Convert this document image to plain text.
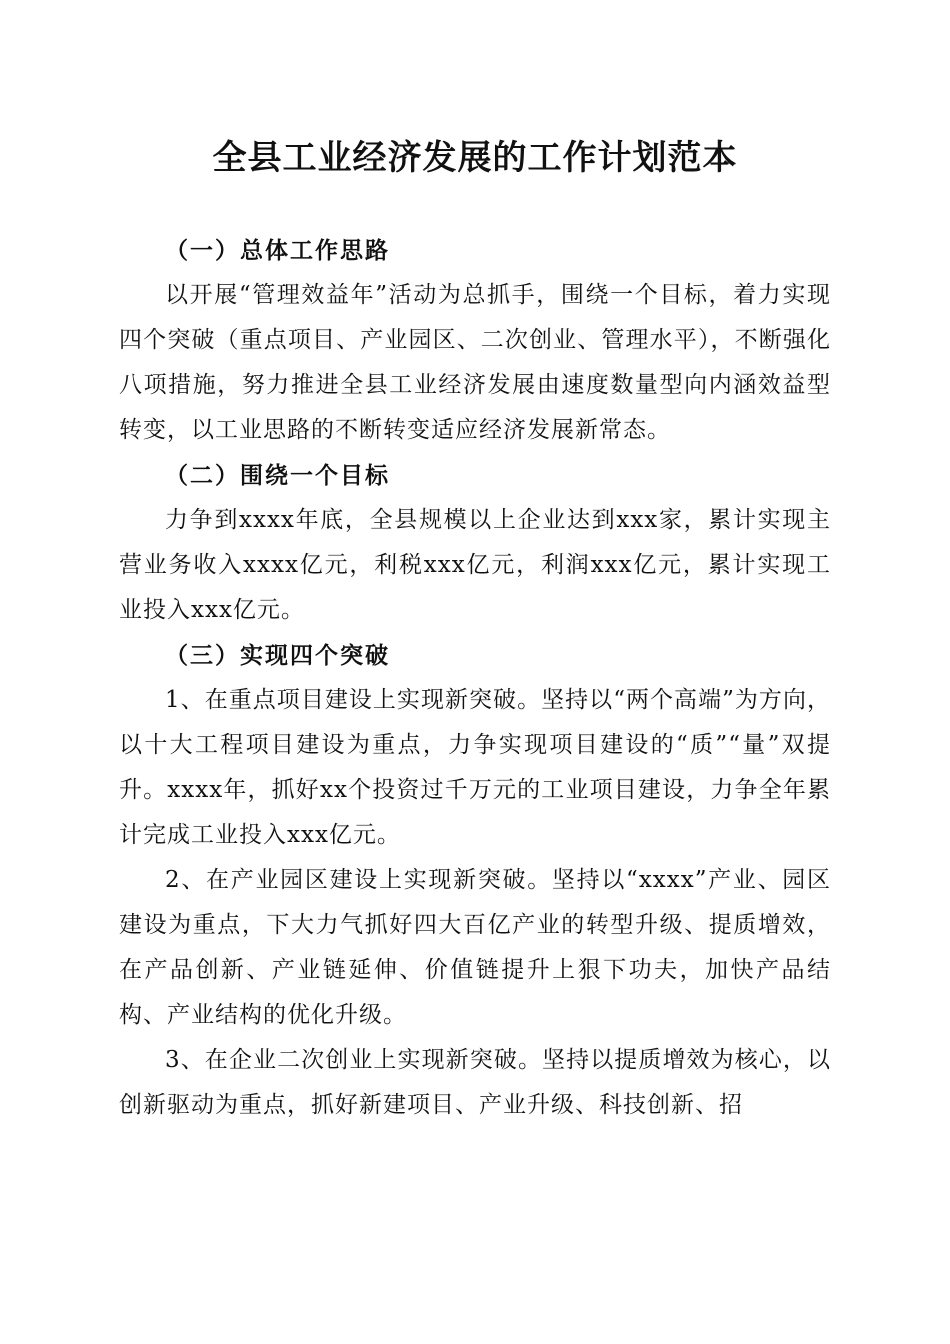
全县工业经济发展的工作计划范本

（一）总体工作思路

以开展“管理效益年”活动为总抓手，围绕一个目标，着力实现四个突破（重点项目、产业园区、二次创业、管理水平），不断强化八项措施，努力推进全县工业经济发展由速度数量型向内涵效益型转变，以工业思路的不断转变适应经济发展新常态。

（二）围绕一个目标

力争到xxxx年底，全县规模以上企业达到xxx家，累计实现主营业务收入xxxx亿元，利税xxx亿元，利润xxx亿元，累计实现工业投入xxx亿元。

（三）实现四个突破

1、在重点项目建设上实现新突破。坚持以“两个高端”为方向，以十大工程项目建设为重点，力争实现项目建设的“质”“量”双提升。xxxx年，抓好xx个投资过千万元的工业项目建设，力争全年累计完成工业投入xxx亿元。

2、在产业园区建设上实现新突破。坚持以“xxxx”产业、园区建设为重点，下大力气抓好四大百亿产业的转型升级、提质增效，在产品创新、产业链延伸、价值链提升上狠下功夫，加快产品结构、产业结构的优化升级。

3、在企业二次创业上实现新突破。坚持以提质增效为核心，以创新驱动为重点，抓好新建项目、产业升级、科技创新、招
